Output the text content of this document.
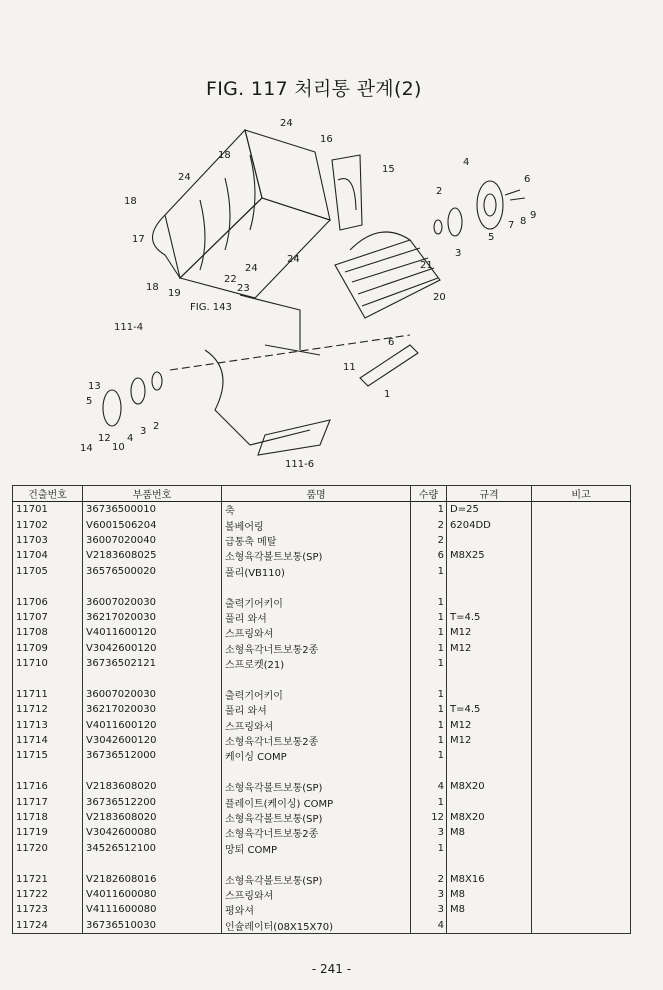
FIG. 117 처리통 관계(2)
24
16
18
15
4
2
6
7 8
9
24
18
17	5
3
24
21
18
19
22
23
24
20
111-4
6
11
1
13
5
12
10
4
3 2
14
111-6
FIG. 143
건출번호	부품번호	품명	수량	규격	비고
11701	36736500010	축	1	D=25	
11702	V6001506204	볼베어링	2	6204DD	
11703	36007020040	급통축 메탈	2		
11704	V2183608025	소형육각볼트보통(SP)	6	M8X25	
11705	36576500020	풀리(VB110)	1		

11706	36007020030	출력기어키이	1		
11707	36217020030	풀리 와셔	1	T=4.5	
11708	V4011600120	스프링와셔	1	M12	
11709	V3042600120	소형육각너트보통2종	1	M12	
11710	36736502121	스프로켓(21)	1		

11711	36007020030	출력기어키이	1		
11712	36217020030	풀리 와셔	1	T=4.5	
11713	V4011600120	스프링와셔	1	M12	
11714	V3042600120	소형육각너트보통2종	1	M12	
11715	36736512000	케이싱 COMP	1		

11716	V2183608020	소형육각볼트보통(SP)	4	M8X20	
11717	36736512200	플레이트(케이싱) COMP	1		
11718	V2183608020	소형육각볼트보통(SP)	12	M8X20	
11719	V3042600080	소형육각너트보통2종	3	M8	
11720	34526512100	망퇴 COMP	1		

11721	V2182608016	소형육각볼트보통(SP)	2	M8X16	
11722	V4011600080	스프링와셔	3	M8	
11723	V4111600080	평와셔	3	M8	
11724	36736510030	인슐레이터(08X15X70)	4		
- 241 -
